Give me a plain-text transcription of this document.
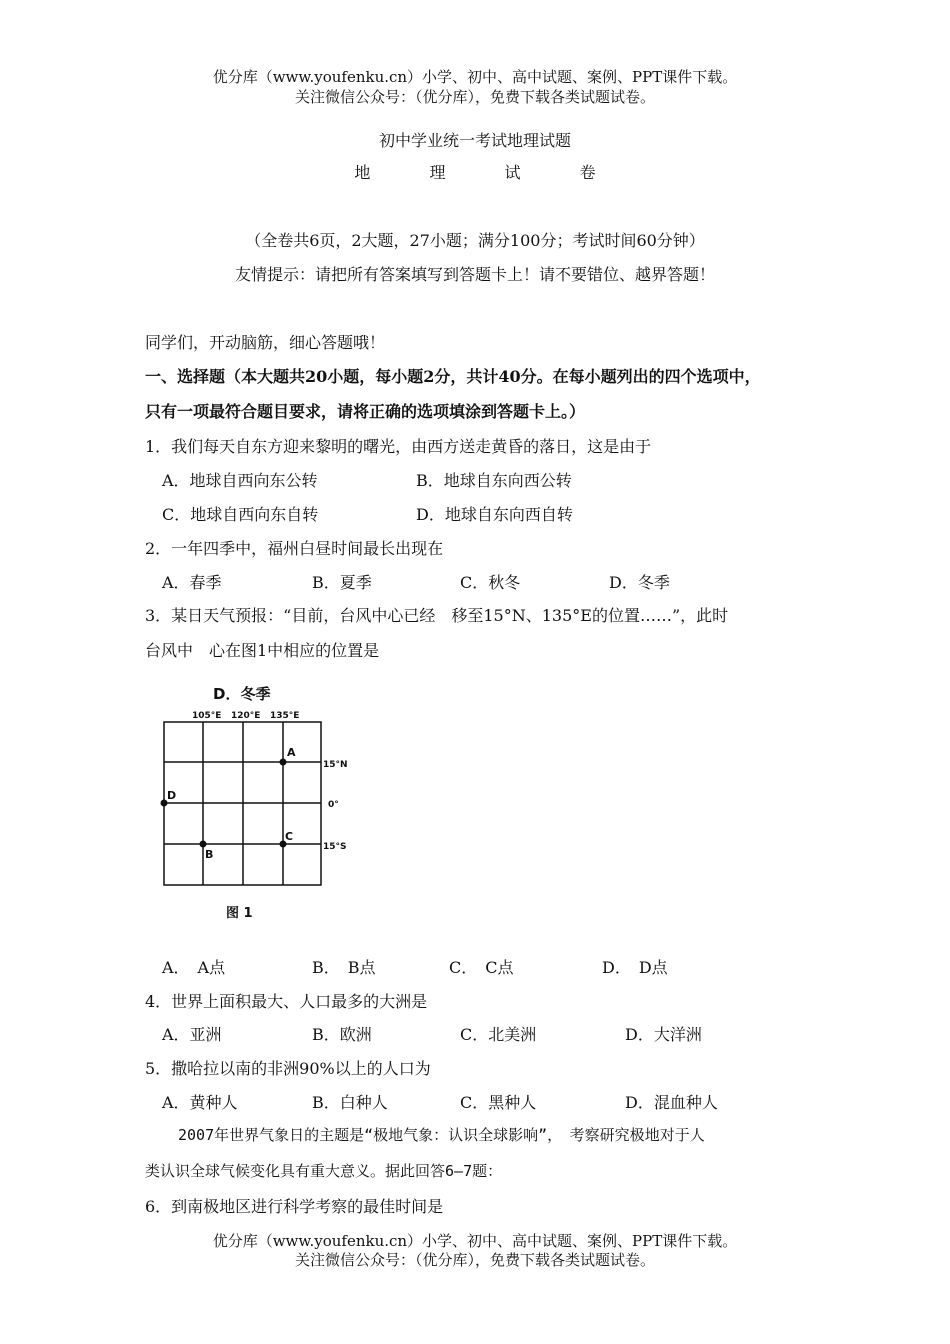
优分库（www.youfenku.cn）小学、初中、高中试题、案例、PPT课件下载。
关注微信公众号：（优分库），免费下载各类试题试卷。
初中学业统一考试地理试题
地	理	试	卷
（全卷共6页，2大题，27小题；满分100分；考试时间60分钟）
友情提示：请把所有答案填写到答题卡上！请不要错位、越界答题！
同学们，开动脑筋，细心答题哦！
一、选择题（本大题共20小题，每小题2分，共计40分。在每小题列出的四个选项中，
只有一项最符合题目要求，请将正确的选项填涂到答题卡上。）
1．我们每天自东方迎来黎明的曙光，由西方送走黄昏的落日，这是由于
A．地球自西向东公转	B．地球自东向西公转
C．地球自西向东自转	D．地球自东向西自转
2．一年四季中，福州白昼时间最长出现在
A．春季	B．夏季	C．秋冬	D．冬季
3．某日天气预报：“目前，台风中心已经　移至15°N、135°E的位置……”，此时
台风中　心在图1中相应的位置是
D．冬季
105°E 120°E 135°E
15°N
0°
15°S
A
B
C
D
图 1
A．　A点	B．　B点	C．　C点	D．　D点
4．世界上面积最大、人口最多的大洲是
A．亚洲	B．欧洲	C．北美洲	D．大洋洲
5．撒哈拉以南的非洲90%以上的人口为
A．黄种人	B．白种人	C．黑种人	D．混血种人
2007年世界气象日的主题是“极地气象：认识全球影响”，　考察研究极地对于人
类认识全球气候变化具有重大意义。据此回答6—7题：
6．到南极地区进行科学考察的最佳时间是
优分库（www.youfenku.cn）小学、初中、高中试题、案例、PPT课件下载。
关注微信公众号：（优分库），免费下载各类试题试卷。
